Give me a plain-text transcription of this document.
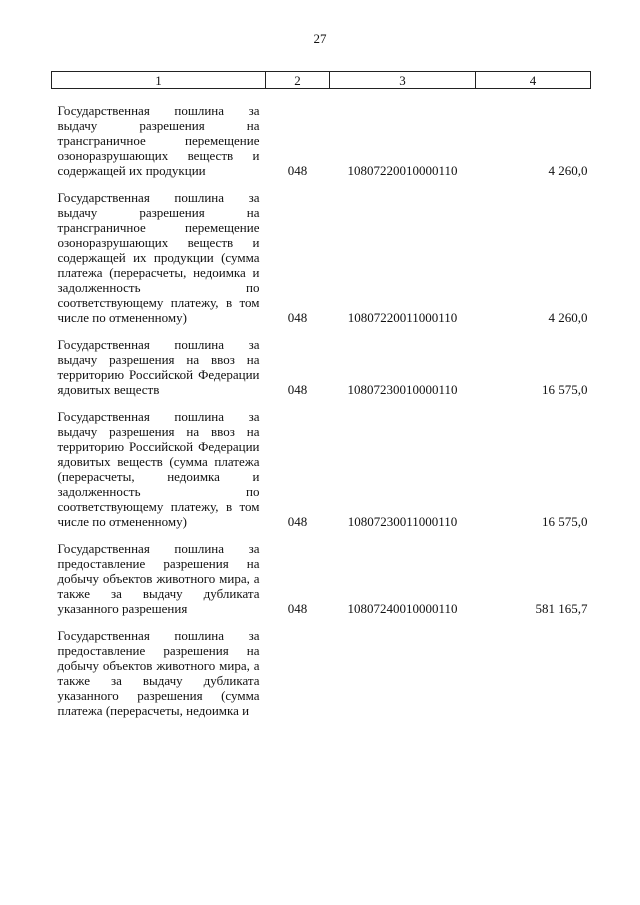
27
1	2	3	4

Государственная пошлина за выдачу разрешения на трансграничное перемещение озоноразрушающих веществ и содержащей их продукции	048	10807220010000110	4 260,0
Государственная пошлина за выдачу разрешения на трансграничное перемещение озоноразрушающих веществ и содержащей их продукции (сумма платежа (перерасчеты, недоимка и задолженность по соответствующему платежу, в том числе по отмененному)	048	10807220011000110	4 260,0
Государственная пошлина за выдачу разрешения на ввоз на территорию Российской Федерации ядовитых веществ	048	10807230010000110	16 575,0
Государственная пошлина за выдачу разрешения на ввоз на территорию Российской Федерации ядовитых веществ (сумма платежа (перерасчеты, недоимка и задолженность по соответствующему платежу, в том числе по отмененному)	048	10807230011000110	16 575,0
Государственная пошлина за предоставление разрешения на добычу объектов животного мира, а также за выдачу дубликата указанного разрешения	048	10807240010000110	581 165,7
Государственная пошлина за предоставление разрешения на добычу объектов животного мира, а также за выдачу дубликата указанного разрешения (сумма платежа (перерасчеты, недоимка и			
